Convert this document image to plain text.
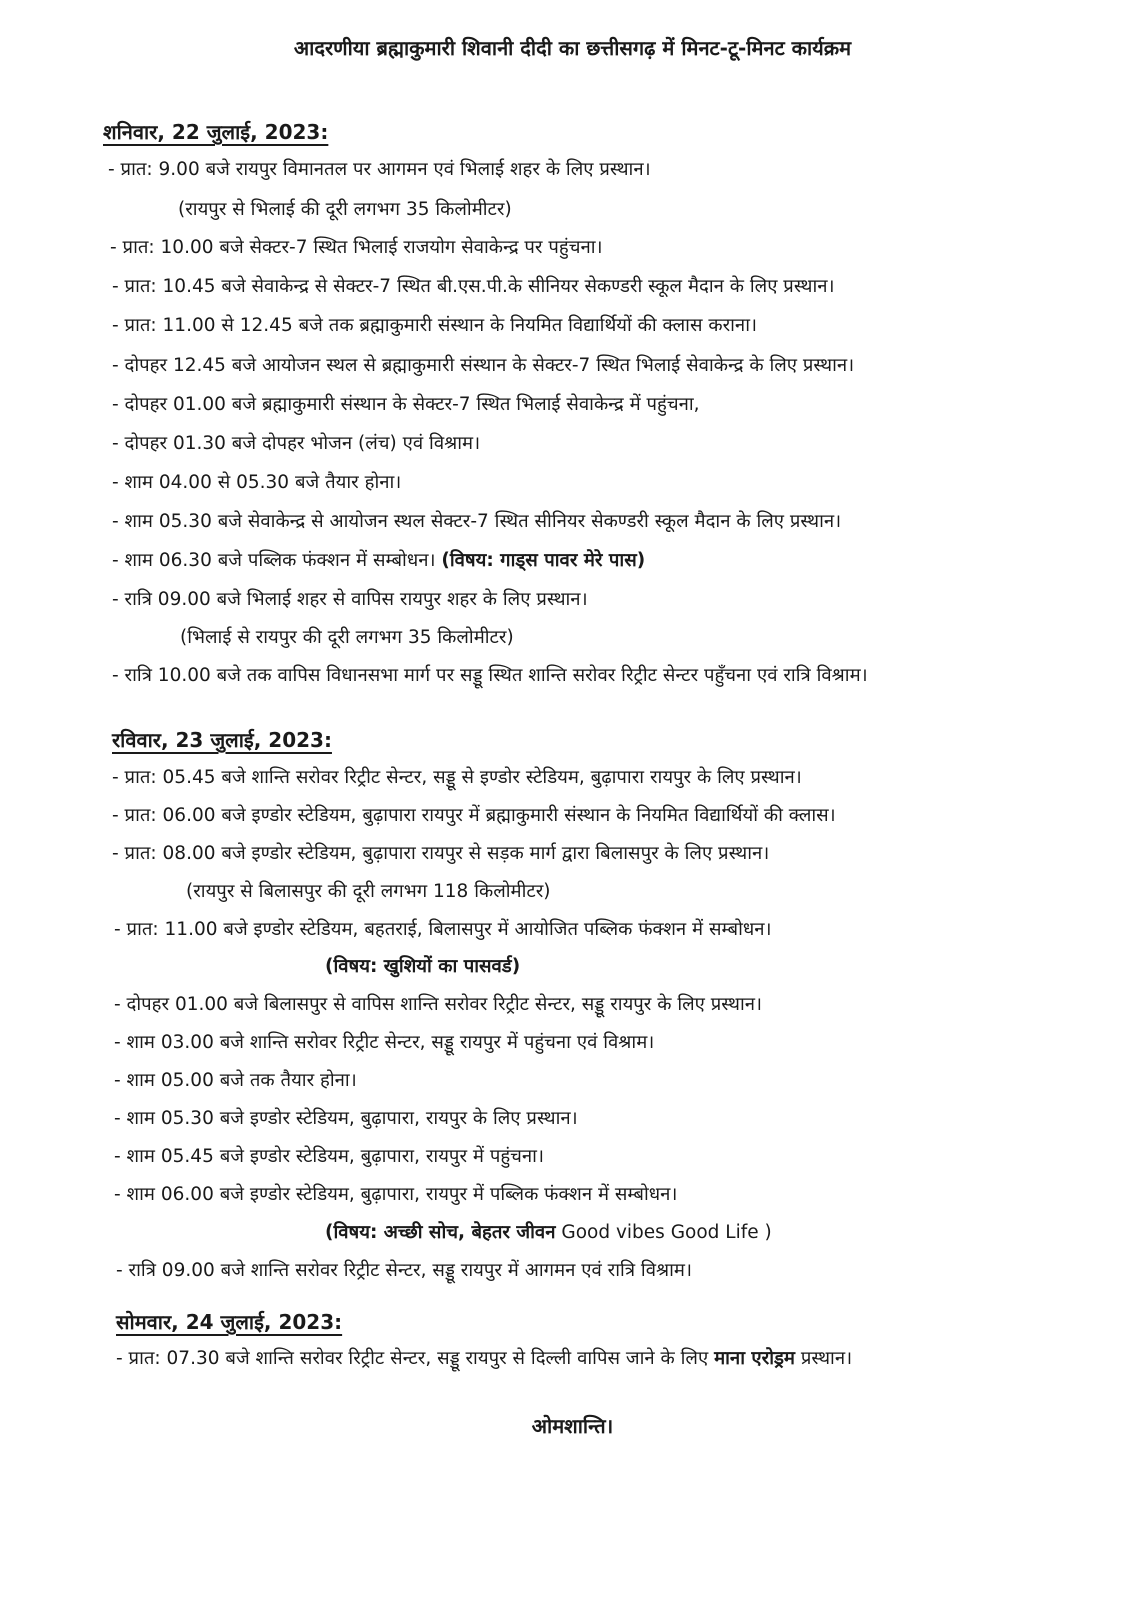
आदरणीया ब्रह्माकुमारी शिवानी दीदी का छत्तीसगढ़ में मिनट-टू-मिनट कार्यक्रम
शनिवार, 22 जुलाई, 2023:
- प्रात: 9.00 बजे रायपुर विमानतल पर आगमन एवं भिलाई शहर के लिए प्रस्थान।
(रायपुर से भिलाई की दूरी लगभग 35 किलोमीटर)
- प्रात: 10.00 बजे सेक्टर-7 स्थित भिलाई राजयोग सेवाकेन्द्र पर पहुंचना।
- प्रात: 10.45 बजे सेवाकेन्द्र से सेक्टर-7 स्थित बी.एस.पी.के सीनियर सेकण्डरी स्कूल मैदान के लिए प्रस्थान।
- प्रात: 11.00 से 12.45 बजे तक ब्रह्माकुमारी संस्थान के नियमित विद्यार्थियों की क्लास कराना।
- दोपहर 12.45 बजे आयोजन स्थल से ब्रह्माकुमारी संस्थान के सेक्टर-7 स्थित भिलाई सेवाकेन्द्र के लिए प्रस्थान।
- दोपहर 01.00 बजे ब्रह्माकुमारी संस्थान के सेक्टर-7 स्थित भिलाई सेवाकेन्द्र में पहुंचना,
- दोपहर 01.30 बजे दोपहर भोजन (लंच) एवं विश्राम।
- शाम 04.00 से 05.30 बजे तैयार होना।
- शाम 05.30 बजे सेवाकेन्द्र से आयोजन स्थल सेक्टर-7 स्थित सीनियर सेकण्डरी स्कूल मैदान के लिए प्रस्थान।
- शाम 06.30 बजे पब्लिक फंक्शन में सम्बोधन। (विषय: गाड्स पावर मेरे पास)
- रात्रि 09.00 बजे भिलाई शहर से वापिस रायपुर शहर के लिए प्रस्थान।
(भिलाई से रायपुर की दूरी लगभग 35 किलोमीटर)
- रात्रि 10.00 बजे तक वापिस विधानसभा मार्ग पर सड्डू स्थित शान्ति सरोवर रिट्रीट सेन्टर पहुँचना एवं रात्रि विश्राम।
रविवार, 23 जुलाई, 2023:
- प्रात: 05.45 बजे शान्ति सरोवर रिट्रीट सेन्टर, सड्डू से इण्डोर स्टेडियम, बुढ़ापारा रायपुर के लिए प्रस्थान।
- प्रात: 06.00 बजे इण्डोर स्टेडियम, बुढ़ापारा रायपुर में ब्रह्माकुमारी संस्थान के नियमित विद्यार्थियों की क्लास।
- प्रात: 08.00 बजे इण्डोर स्टेडियम, बुढ़ापारा रायपुर से सड़क मार्ग द्वारा बिलासपुर के लिए प्रस्थान।
(रायपुर से बिलासपुर की दूरी लगभग 118 किलोमीटर)
- प्रात: 11.00 बजे इण्डोर स्टेडियम, बहतराई, बिलासपुर में आयोजित पब्लिक फंक्शन में सम्बोधन।
(विषय: खुशियों का पासवर्ड)
- दोपहर 01.00 बजे बिलासपुर से वापिस शान्ति सरोवर रिट्रीट सेन्टर, सड्डू रायपुर के लिए प्रस्थान।
- शाम 03.00 बजे शान्ति सरोवर रिट्रीट सेन्टर, सड्डू रायपुर में पहुंचना एवं विश्राम।
- शाम 05.00 बजे तक तैयार होना।
- शाम 05.30 बजे इण्डोर स्टेडियम, बुढ़ापारा, रायपुर के लिए प्रस्थान।
- शाम 05.45 बजे इण्डोर स्टेडियम, बुढ़ापारा, रायपुर में पहुंचना।
- शाम 06.00 बजे इण्डोर स्टेडियम, बुढ़ापारा, रायपुर में पब्लिक फंक्शन में सम्बोधन।
(विषय: अच्छी सोच, बेहतर जीवन Good vibes Good Life )
- रात्रि 09.00 बजे शान्ति सरोवर रिट्रीट सेन्टर, सड्डू रायपुर में आगमन एवं रात्रि विश्राम।
सोमवार, 24 जुलाई, 2023:
- प्रात: 07.30 बजे शान्ति सरोवर रिट्रीट सेन्टर, सड्डू रायपुर से दिल्ली वापिस जाने के लिए माना एरोड्रम प्रस्थान।
ओमशान्ति।
